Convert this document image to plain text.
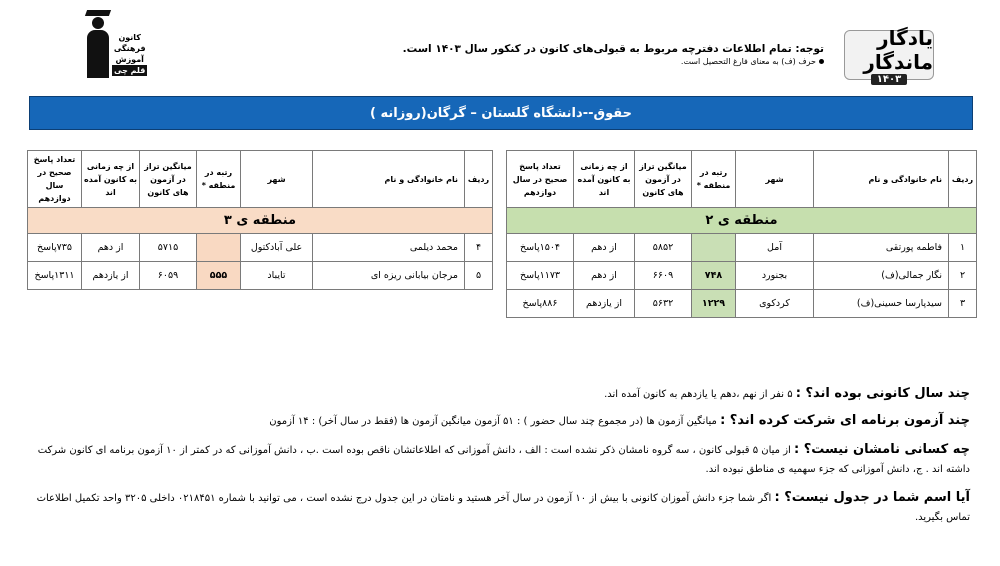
یادگار ماندگار
۱۴۰۳
توجه: تمام اطلاعات دفترچه مربوط به قبولی‌های کانون در کنکور سال ۱۴۰۳ است.
حرف (ف) به معنای فارغ التحصیل است.
کانون
فرهنگی
آموزش
قلم چی
حقوق--دانشگاه گلستان – گرگان(روزانه )
ردیف	نام خانوادگی و نام	شهر	رتبه در منطقه *	میانگین تراز در آزمون های کانون	از چه زمانی به کانون آمده اند	تعداد پاسخ صحیح در سال دوازدهم
منطقه ی ۲						
۱	فاطمه پورتقی	آمل		۵۸۵۲	از دهم	۱۵۰۴پاسخ
۲	نگار جمالی(ف)	بجنورد	۷۴۸	۶۶۰۹	از دهم	۱۱۷۳پاسخ
۳	سیدپارسا حسینی(ف)	کردکوی	۱۲۲۹	۵۶۳۲	از یازدهم	۸۸۶پاسخ
ردیف	نام خانوادگی و نام	شهر	رتبه در منطقه *	میانگین تراز در آزمون های کانون	از چه زمانی به کانون آمده اند	تعداد پاسخ صحیح در سال دوازدهم
منطقه ی ۳						
۴	محمد دیلمی	علی آبادکتول		۵۷۱۵	از دهم	۷۳۵پاسخ
۵	مرجان بیابانی ریزه ای	تایباد	۵۵۵	۶۰۵۹	از یازدهم	۱۳۱۱پاسخ
چند سال کانونی بوده اند؟ : ۵ نفر از نهم ،دهم یا یازدهم به کانون آمده اند.
چند آزمون برنامه ای شرکت کرده اند؟ : میانگین آزمون ها (در مجموع چند سال حضور ) : ۵۱ آزمون میانگین آزمون ها (فقط در سال آخر) : ۱۴ آزمون
چه کسانی نامشان نیست؟ : از میان ۵ قبولی کانون ، سه گروه نامشان ذکر نشده است : الف ، دانش آموزانی که اطلاعاتشان ناقص بوده است .ب ، دانش آموزانی که در کمتر از ۱۰ آزمون برنامه ای کانون شرکت داشته اند . ج، دانش آموزانی که جزء سهمیه ی مناطق نبوده اند.
آیا اسم شما در جدول نیست؟ : اگر شما جزء دانش آموزان کانونی با بیش از ۱۰ آزمون در سال آخر هستید و نامتان در این جدول درج نشده است ، می توانید با شماره ۰۲۱۸۴۵۱ داخلی ۳۲۰۵ واحد تکمیل اطلاعات تماس بگیرید.
